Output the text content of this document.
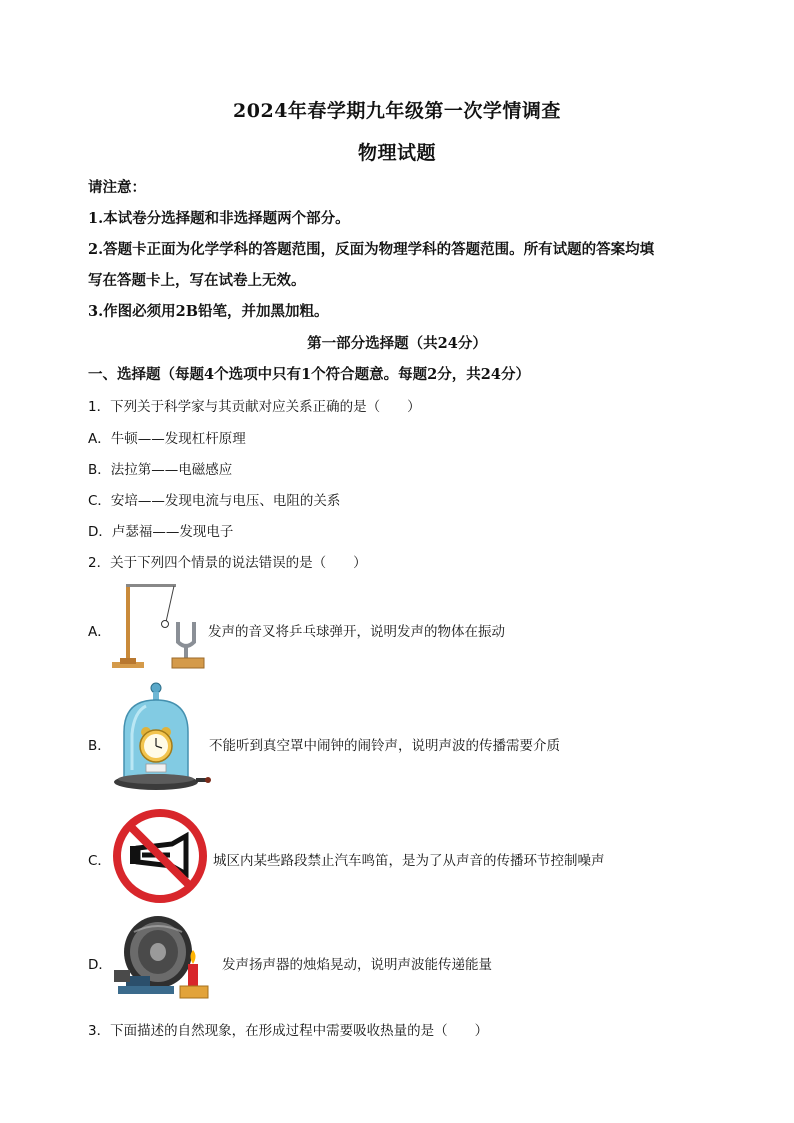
2024年春学期九年级第一次学情调查
物理试题
请注意：
1.本试卷分选择题和非选择题两个部分。
2.答题卡正面为化学学科的答题范围，反面为物理学科的答题范围。所有试题的答案均填
写在答题卡上，写在试卷上无效。
3.作图必须用2B铅笔，并加黑加粗。
第一部分选择题（共24分）
一、选择题（每题4个选项中只有1个符合题意。每题2分，共24分）
1．下列关于科学家与其贡献对应关系正确的是（　　）
A．牛顿——发现杠杆原理
B．法拉第——电磁感应
C．安培——发现电流与电压、电阻的关系
D．卢瑟福——发现电子
2．关于下列四个情景的说法错误的是（　　）
A．	发声的音叉将乒乓球弹开，说明发声的物体在振动
B．	不能听到真空罩中闹钟的闹铃声，说明声波的传播需要介质
C．	城区内某些路段禁止汽车鸣笛，是为了从声音的传播环节控制噪声
D．	发声扬声器的烛焰晃动，说明声波能传递能量
3．下面描述的自然现象，在形成过程中需要吸收热量的是（　　）
